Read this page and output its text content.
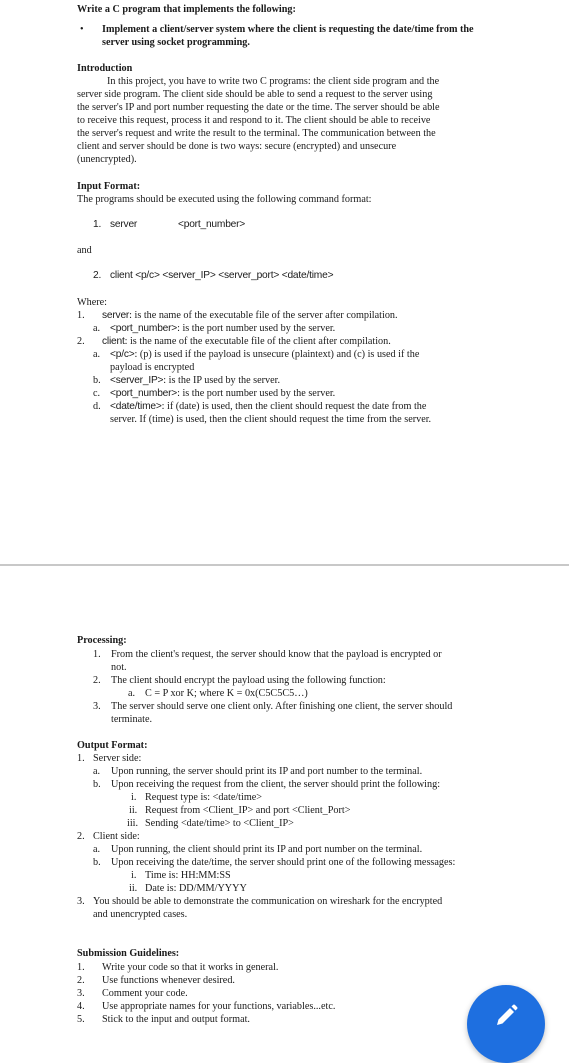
Write a C program that implements the following:
• Implement a client/server system where the client is requesting the date/time from the server using socket programming.
Introduction
In this project, you have to write two C programs: the client side program and the
server side program. The client side should be able to send a request to the server using
the server's IP and port number requesting the date or the time. The server should be able
to receive this request, process it and respond to it. The client should be able to receive
the server's request and write the result to the terminal. The communication between the
client and server should be done is two ways: secure (encrypted) and unsecure
(unencrypted).
Input Format:
The programs should be executed using the following command format:
1. server	<port_number>
and
2. client <p/c> <server_IP> <server_port> <date/time>
Where:
1. server: is the name of the executable file of the server after compilation.
a. <port_number>: is the port number used by the server.
2. client: is the name of the executable file of the client after compilation.
a. <p/c>: (p) is used if the payload is unsecure (plaintext) and (c) is used if the
payload is encrypted
b. <server_IP>: is the IP used by the server.
c. <port_number>: is the port number used by the server.
d. <date/time>: if (date) is used, then the client should request the date from the
server. If (time) is used, then the client should request the time from the server.
Processing:
1. From the client's request, the server should know that the payload is encrypted or
not.
2. The client should encrypt the payload using the following function:
a. C = P xor K; where K = 0x(C5C5C5…)
3. The server should serve one client only. After finishing one client, the server should
terminate.
Output Format:
1. Server side:
a. Upon running, the server should print its IP and port number to the terminal.
b. Upon receiving the request from the client, the server should print the following:
i. Request type is: <date/time>
ii. Request from <Client_IP> and port <Client_Port>
iii. Sending <date/time> to <Client_IP>
2. Client side:
a. Upon running, the client should print its IP and port number on the terminal.
b. Upon receiving the date/time, the server should print one of the following messages:
i. Time is: HH:MM:SS
ii. Date is: DD/MM/YYYY
3. You should be able to demonstrate the communication on wireshark for the encrypted
and unencrypted cases.
Submission Guidelines:
1. Write your code so that it works in general.
2. Use functions whenever desired.
3. Comment your code.
4. Use appropriate names for your functions, variables...etc.
5. Stick to the input and output format.
